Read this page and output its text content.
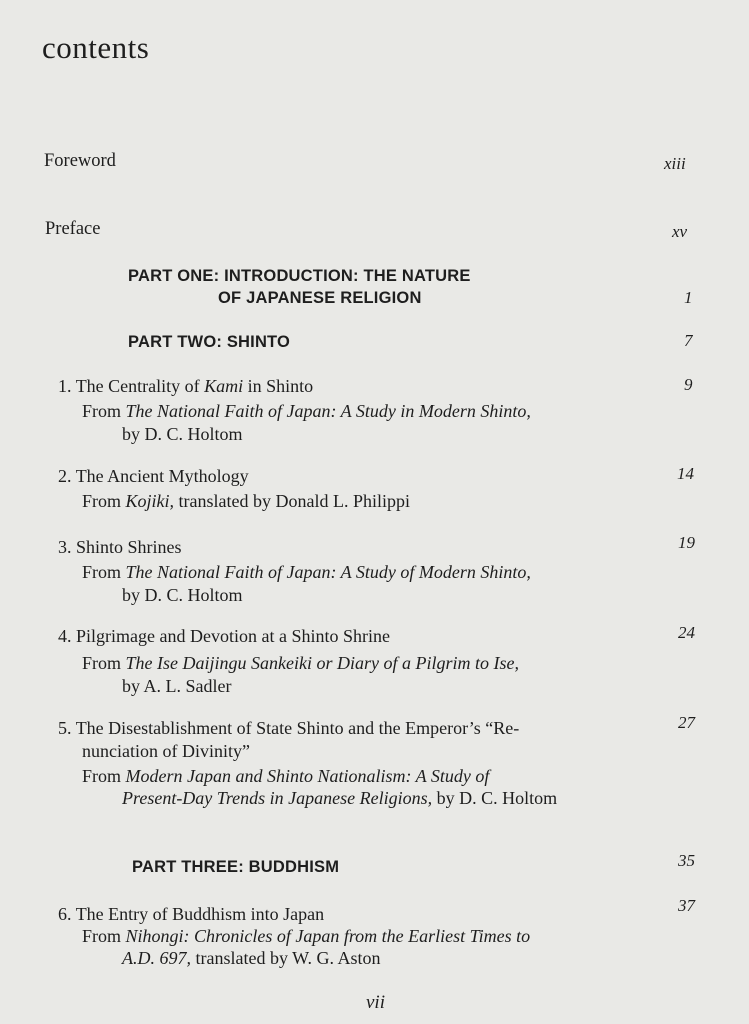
contents
Foreword	xiii
Preface	xv
PART ONE: INTRODUCTION: THE NATURE
OF JAPANESE RELIGION	1
PART TWO: SHINTO	7
1. The Centrality of Kami in Shinto	9
From The National Faith of Japan: A Study in Modern Shinto,
by D. C. Holtom
2. The Ancient Mythology	14
From Kojiki, translated by Donald L. Philippi
3. Shinto Shrines	19
From The National Faith of Japan: A Study of Modern Shinto,
by D. C. Holtom
4. Pilgrimage and Devotion at a Shinto Shrine	24
From The Ise Daijingu Sankeiki or Diary of a Pilgrim to Ise,
by A. L. Sadler
5. The Disestablishment of State Shinto and the Emperor’s “Re-	27
nunciation of Divinity”
From Modern Japan and Shinto Nationalism: A Study of
Present-Day Trends in Japanese Religions, by D. C. Holtom
PART THREE: BUDDHISM	35
6. The Entry of Buddhism into Japan	37
From Nihongi: Chronicles of Japan from the Earliest Times to
A.D. 697, translated by W. G. Aston
vii
